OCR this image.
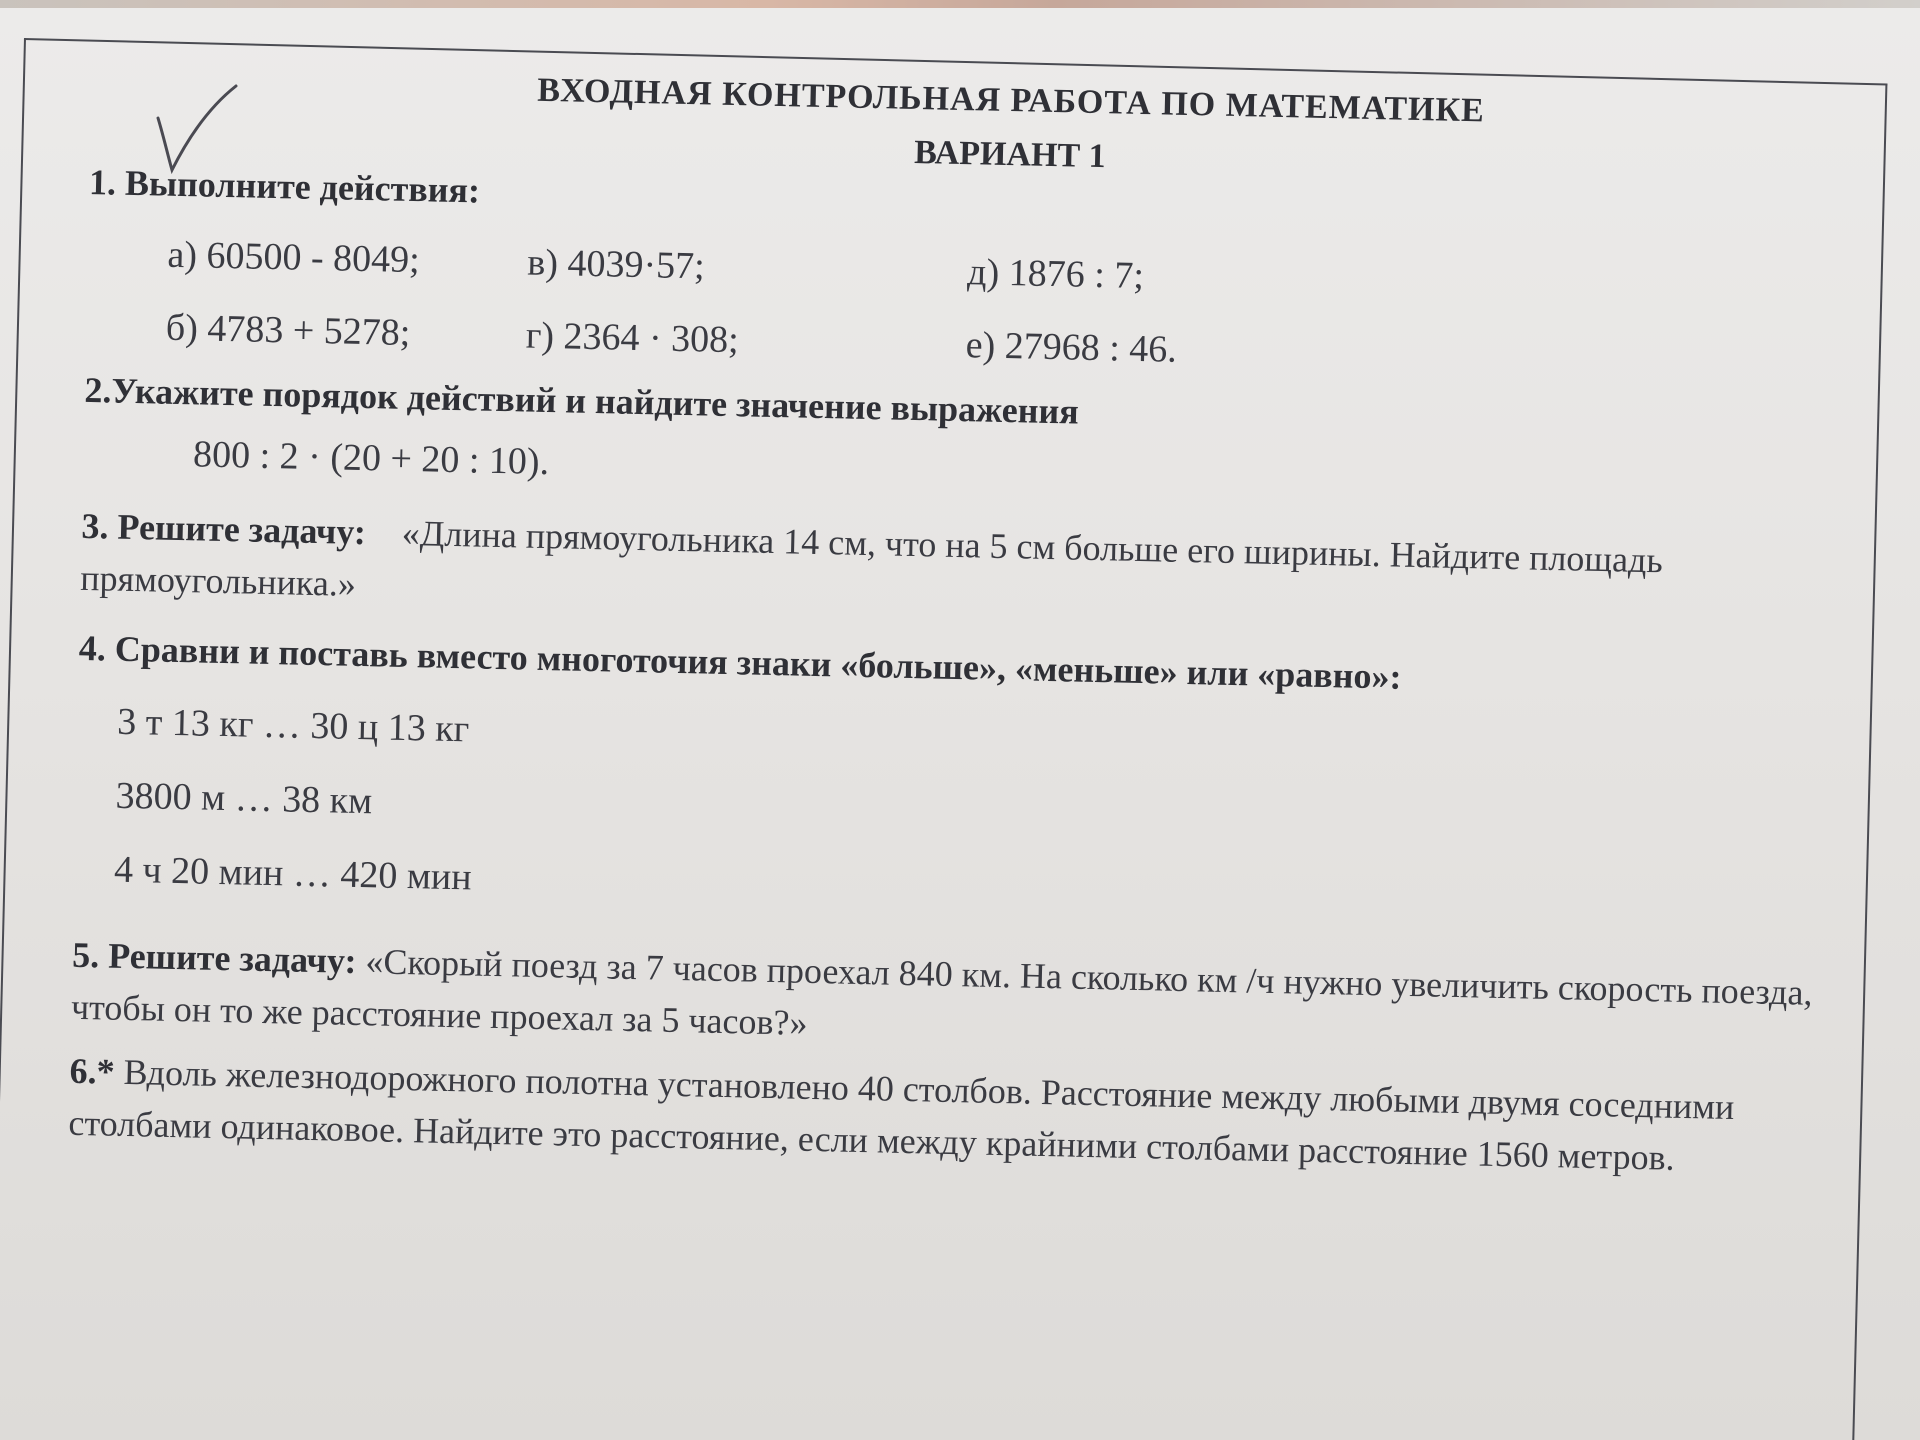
ВХОДНАЯ КОНТРОЛЬНАЯ РАБОТА ПО МАТЕМАТИКЕ
ВАРИАНТ 1
1. Выполните действия:
а) 60500 - 8049;	в) 4039·57;	д) 1876 : 7;
б) 4783 + 5278;	г) 2364 · 308;	е) 27968 : 46.
2.Укажите порядок действий и найдите значение выражения
800 : 2 · (20 + 20 : 10).
3. Решите задачу: «Длина прямоугольника 14 см, что на 5 см больше его ширины. Найдите площадь прямоугольника.»
4. Сравни и поставь вместо многоточия знаки «больше», «меньше» или «равно»:
3 т 13 кг … 30 ц 13 кг
3800 м … 38 км
4 ч 20 мин … 420 мин
5. Решите задачу: «Скорый поезд за 7 часов проехал 840 км. На сколько км /ч нужно увеличить скорость поезда, чтобы он то же расстояние проехал за 5 часов?»
6.* Вдоль железнодорожного полотна установлено 40 столбов. Расстояние между любыми двумя соседними столбами одинаковое. Найдите это расстояние, если между крайними столбами расстояние 1560 метров.
